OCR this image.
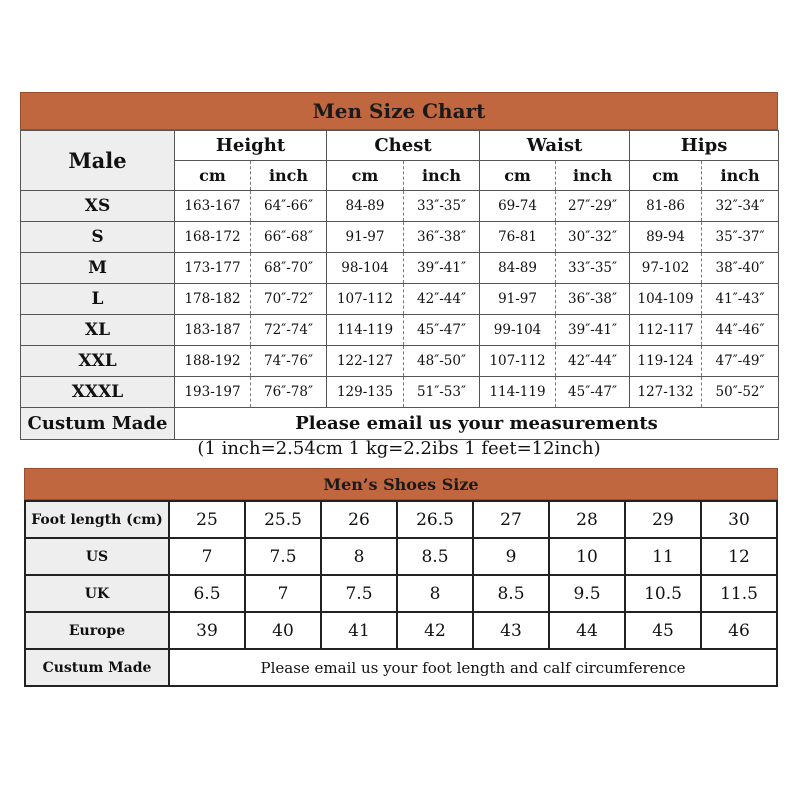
Men Size Chart
Male	Height		Chest		Waist		Hips	
	cm	inch	cm	inch	cm	inch	cm	inch
XS	163-167	64″-66″	84-89	33″-35″	69-74	27″-29″	81-86	32″-34″
S	168-172	66″-68″	91-97	36″-38″	76-81	30″-32″	89-94	35″-37″
M	173-177	68″-70″	98-104	39″-41″	84-89	33″-35″	97-102	38″-40″
L	178-182	70″-72″	107-112	42″-44″	91-97	36″-38″	104-109	41″-43″
XL	183-187	72″-74″	114-119	45″-47″	99-104	39″-41″	112-117	44″-46″
XXL	188-192	74″-76″	122-127	48″-50″	107-112	42″-44″	119-124	47″-49″
XXXL	193-197	76″-78″	129-135	51″-53″	114-119	45″-47″	127-132	50″-52″
Custum Made	Please email us your measurements							
(1 inch=2.54cm 1 kg=2.2ibs 1 feet=12inch)
Men’s Shoes Size
Foot length (cm)	25	25.5	26	26.5	27	28	29	30
US	7	7.5	8	8.5	9	10	11	12
UK	6.5	7	7.5	8	8.5	9.5	10.5	11.5
Europe	39	40	41	42	43	44	45	46
Custum Made	Please email us your foot length and calf circumference							
